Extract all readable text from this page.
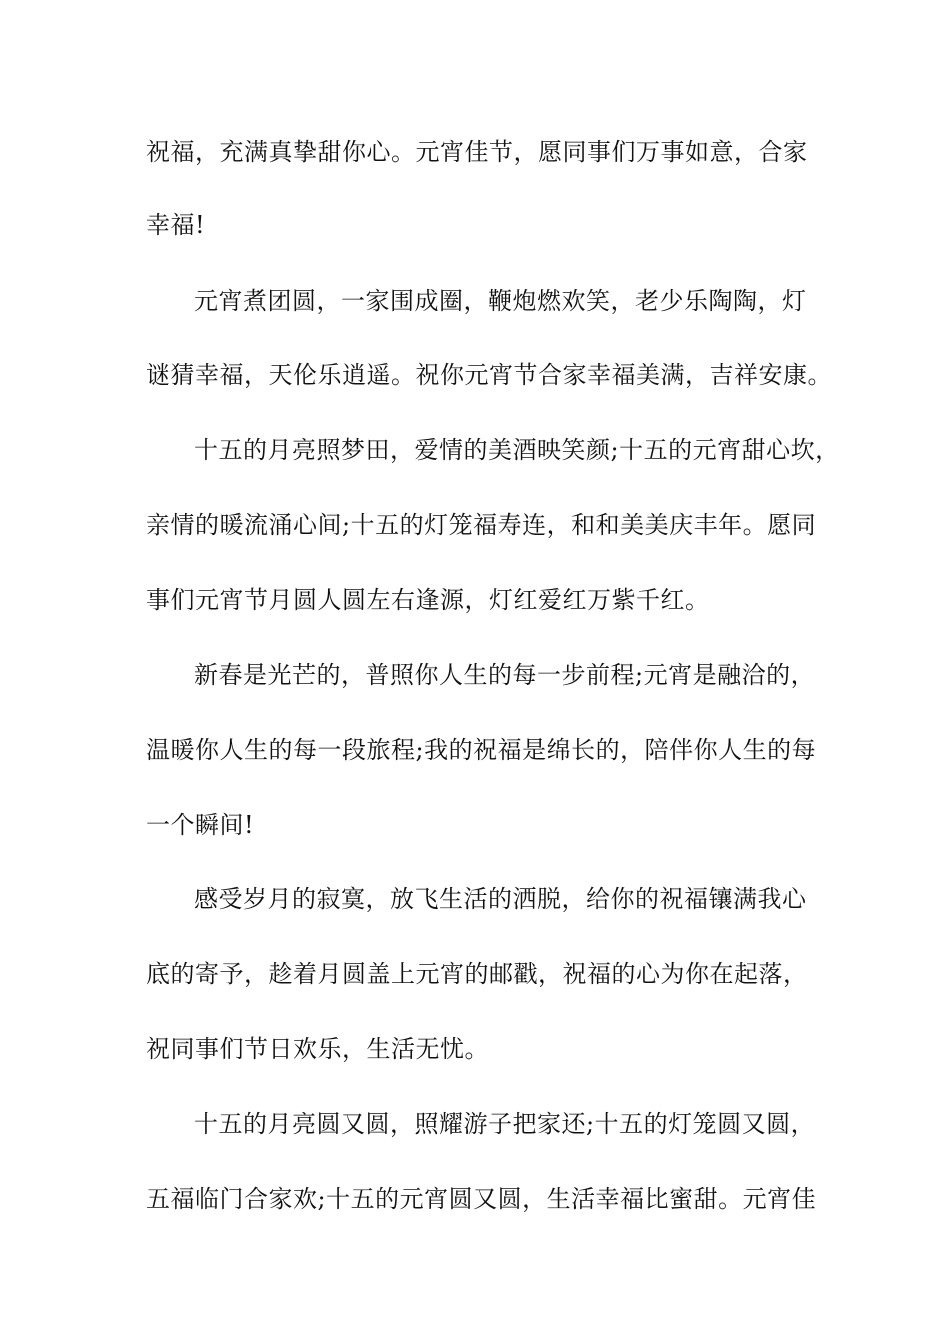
祝福，充满真挚甜你心。元宵佳节，愿同事们万事如意，合家
幸福!
元宵煮团圆，一家围成圈，鞭炮燃欢笑，老少乐陶陶，灯
谜猜幸福，天伦乐逍遥。祝你元宵节合家幸福美满，吉祥安康。
十五的月亮照梦田，爱情的美酒映笑颜;十五的元宵甜心坎，
亲情的暖流涌心间;十五的灯笼福寿连，和和美美庆丰年。愿同
事们元宵节月圆人圆左右逢源，灯红爱红万紫千红。
新春是光芒的，普照你人生的每一步前程;元宵是融洽的，
温暖你人生的每一段旅程;我的祝福是绵长的，陪伴你人生的每
一个瞬间!
感受岁月的寂寞，放飞生活的洒脱，给你的祝福镶满我心
底的寄予，趁着月圆盖上元宵的邮戳，祝福的心为你在起落，
祝同事们节日欢乐，生活无忧。
十五的月亮圆又圆，照耀游子把家还;十五的灯笼圆又圆，
五福临门合家欢;十五的元宵圆又圆，生活幸福比蜜甜。元宵佳
